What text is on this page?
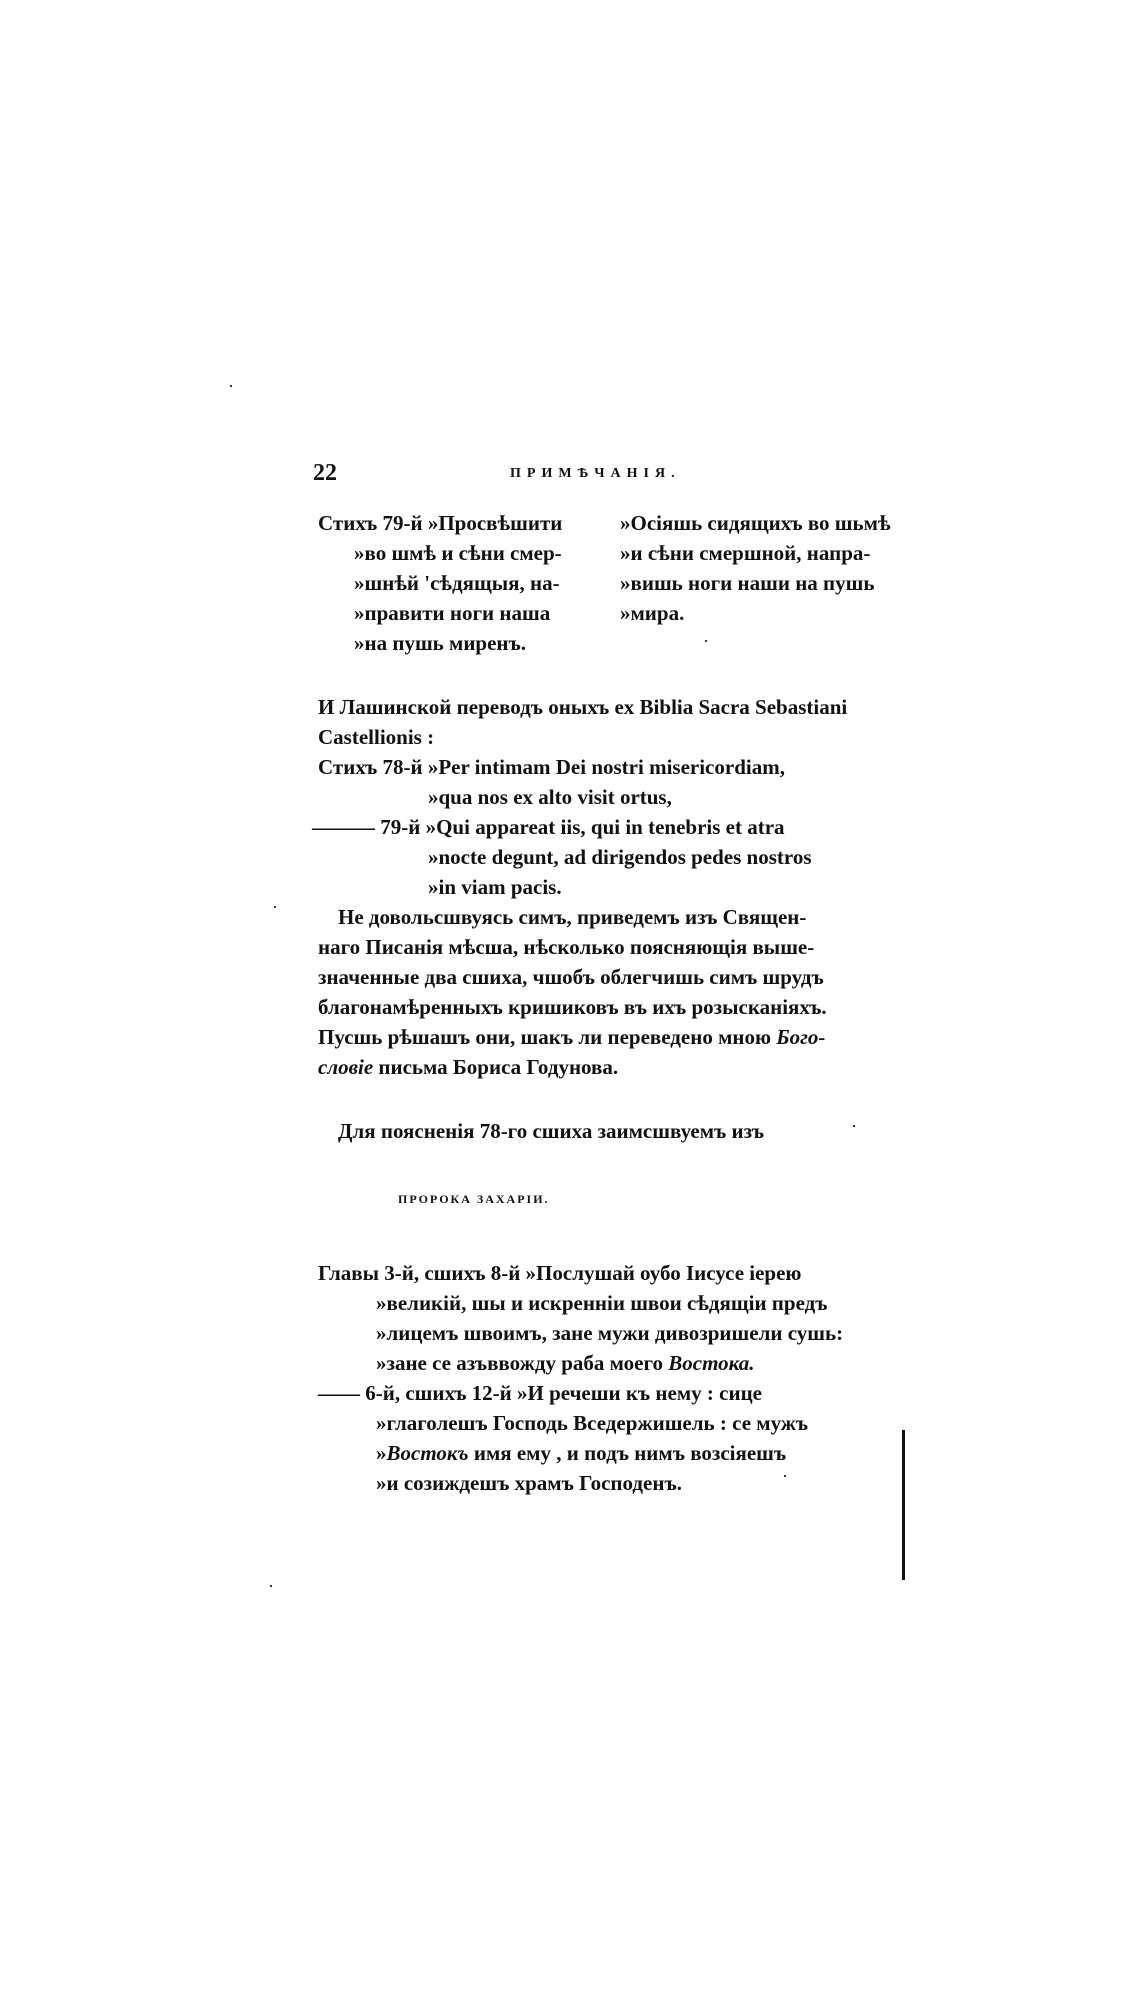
22	ПРИМѢЧАНІЯ.
Стихъ 79-й »Просвѣшити
»во шмѣ и сѣни смер-
»шнѣй 'сѣдящыя, на-
»правити ноги наша
»на пушь миренъ.
»Осіяшь сидящихъ во шьмѣ
»и сѣни смершной, напра-
»вишь ноги наши на пушь
»мира.
И Лашинской переводъ оныхъ ex Biblia Sacra Sebastiani
Castellionis :
Стихъ 78-й »Per intimam Dei nostri misericordiam,
»qua nos ex alto visit ortus,
——— 79-й »Qui appareat iis, qui in tenebris et atra
»nocte degunt, ad dirigendos pedes nostros
»in viam pacis.
Не довольсшвуясь симъ, приведемъ изъ Священ-
наго Писанія мѣсша, нѣсколько поясняющія выше-
значенные два сшиха, чшобъ облегчишь симъ шрудъ
благонамѣренныхъ кришиковъ въ ихъ розысканіяхъ.
Пусшь рѣшашъ они, шакъ ли переведено мною Бого-
словіе письма Бориса Годунова.
Для поясненія 78-го сшиха заимсшвуемъ изъ
ПРОРОКА ЗАХАРІИ.
Главы 3-й, сшихъ 8-й »Послушай оубо Іисусе іерею
»великій, шы и искренніи швои сѣдящіи предъ
»лицемъ швоимъ, зане мужи дивозришели сушь:
»зане се азъввожду раба моего Востока.
—— 6-й, сшихъ 12-й »И речеши къ нему : сице
»глаголешъ Господь Вседержишель : се мужъ
»Востокъ имя ему , и подъ нимъ возсіяешъ
»и созиждешъ храмъ Господенъ.
